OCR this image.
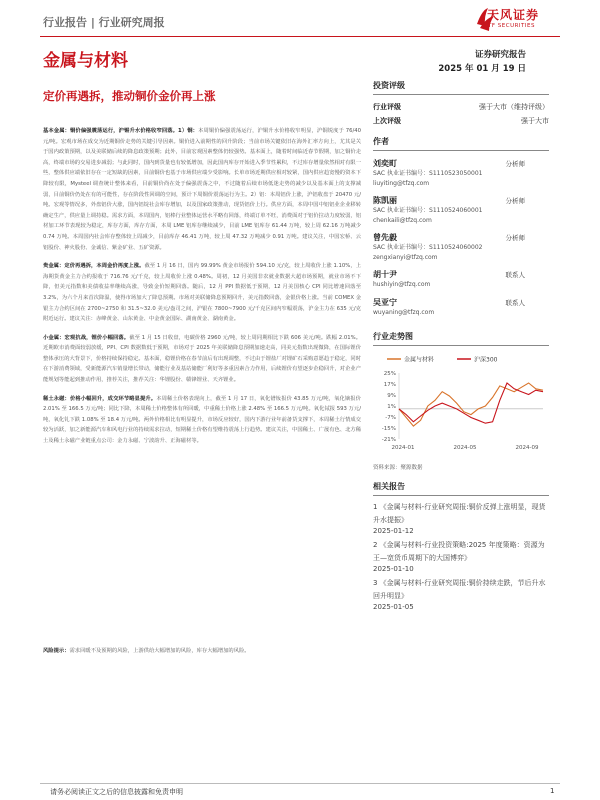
行业报告 | 行业研究周报
天风证券
TF SECURITIES
金属与材料	证券研究报告
2025 年 01 月 19 日
定价再遇拆，推动铜价金价再上涨

基本金属：铜价偏强震荡运行，沪锡升水价格收窄回落。1）铜：本周铜价偏强震荡运行，沪铜升水价格收窄明显，沪铜锐度于 76/40 元/吨。宏观市场在成交为近期铜价走势的关键引导因素。铜价进入前期性的回升阶段；当前市场关键依旧在海外汇率方向上，尤其是关于国内政策预期，以及美联储后续的降息政策预期；此外，目前宏观因素整体仍较强势。基本面上，随着时间临近春节假期，加之铜价走高，终端市场的交易进步减弱；与此同时，国内到货量也有较低增加，因此国内库存开始进入季节性累积，不过库存增量依然相对有限一些，整体供应端依旧存在一定短缺的因素，目前铜价也基于市场供应端少受影响。长单市场近期供应相对较紧，国内供应趋宽慢的资本下降较有限，Mysteel 调查统计整体来看，目前铜价尚在处于偏强震荡之中，不过随着后续市场低迷走势的减少以及基本面上的支撑减弱，目前铜价仍处在有的可能性，存在阶段性回调的空间，预计下周铜价震荡运行为主。2）铝：本周铝价上涨，沪铝收盘于 20470 元/吨。宏观等情况多，外盘铝价大涨，国内铝锭社会库存增加，以及国家政策推动，现货铝价上行。供应方面，本周中国中铝铝业企业移转确定生产，供应量上调持稳。需求方面，本周国内，铝棒行业整体运营水平略有回落，终端订单不旺，消费面对于铝价拉动力度较弱，铝材加工环节表现较为稳定，库存方面，库存方面，本周 LME 铝库存继续减少，目前 LME 铝库存 61.44 万吨，较上周 62.16 万吨减少 0.74 万吨。本周国内社会库存整体较上周减少，目前库存 46.41 万吨，较上周 47.32 万吨减少 0.91 万吨。建议关注，中国宏桥、云铝股份、神火股份、金诚信、紫金矿业、五矿资源。

贵金属：定价再遇拆，本周金价再度上涨。截至 1 月 16 日，国内 99.99% 黄金市场报价 594.10 元/克，较上周收价上涨 1.10%，上海期货黄金主力合约报收于 716.76 元/千克，较上周收价上涨 0.48%。周初，12 月美国非农就业数据大超市场预期，就业市场不下降，但美元指数和美债收益率继续高涨，导致金价短期回落。随后，12 月 PPI 数据低于预期，12 月美国核心 CPI 同比增速回落至 3.2%，为六个月来首次降温，使得市场加大了降息预期。市场对美联储降息预期回升，美元指数回落，金银价格上涨。当前 COMEX 金银主力合约区间在 2700~2750 和 31.5~32.0 美元/盎司之间，沪银在 7800~7900 元/千克区间内窄幅震荡，沪金主力在 635 元/克附近运行。建议关注：赤峰黄金、山东黄金、中金黄金国际、湖南黄金、湖南黄金。

小金属：宏观抗战，锂价小幅回落。截至 1 月 15 日收盘，电碳价格 2960 元/吨，较上周同期相比下跌 606 美元/吨。跌幅 2.01%。近期欧市消费面较弱放缓，PPI、CPI 数据数低于预期，市场对于 2025 年美联储降息预期加速走高，同美元指数出现微降，在国际锂价整体承压的大背景下，价格持续保持稳定。基本面，稳锂价格在春节前后有出现调整，不过由于锂盐厂对锂矿石采购意愿趋于稳定，同时在下游消费领域，受新能源汽车销量增长带动，储能行业及基站储能厂利好等多重因素合力作用，后续锂价有望逐步企稳回升，对企业产能规划等能起到推动作用，推荐关注，推荐关注：华锂股份、赣锋锂业、天齐锂业。

稀土永磁：价格小幅回升，成交环节略显提升。本周稀土价格表现向上，截至 1 月 17 日，氧化镨钕报价 43.85 万元/吨，氧化镝报价 2.01% 至 166.5 万元/吨；同比下降，本周稀土价格整体有所回暖，中重稀土价格上涨 2.48% 至 166.5 万元/吨。氧化铽报 593 万元/吨，氧化钆下跌 1.08% 至 18.4 万元/吨。两外价格相比有明显提升，市场反应较好，国内下游行业年前备货支撑下，本周稀土行情成交较为活跃，加之新能源汽车和风电行业的持续需求拉动，短期稀土价格有望维持震荡上行趋势。建议关注，中国稀土、广晟有色、北方稀土及稀土永磁产业链重点公司：金力永磁、宁波韵升、正海磁材等。

风险提示：需求回暖不及预期的风险，上游供给大幅增加的风险，库存大幅增加的风险。
投资评级
行业评级	强于大市（维持评级）
上次评级	强于大市
作者
刘奕町	分析师
SAC 执业证书编号：S1110523050001
liuyiting@tfzq.com
陈凯丽	分析师
SAC 执业证书编号：S1110524060001
chenkaili@tfzq.com
曾先毅	分析师
SAC 执业证书编号：S1110524060002
zengxianyi@tfzq.com
胡十尹	联系人
hushiyin@tfzq.com
吴亚宁	联系人
wuyaning@tfzq.com
行业走势图
金属与材料	沪深300
25%
17%
9%
1%
-7%
-15%
-21%
2024-01	2024-05	2024-09
资料来源：聚源数据
相关报告
1 《金属与材料-行业研究周报:铜价反弹上涨明显，现货升水提振》
2025-01-12
2 《金属与材料-行业投资策略:2025 年度策略：资源为王—宽货币周期下的大国博弈》
2025-01-10
3 《金属与材料-行业研究周报:铜价持续走跌，节后升水回升明显》
2025-01-05
请务必阅读正文之后的信息披露和免责申明	1
